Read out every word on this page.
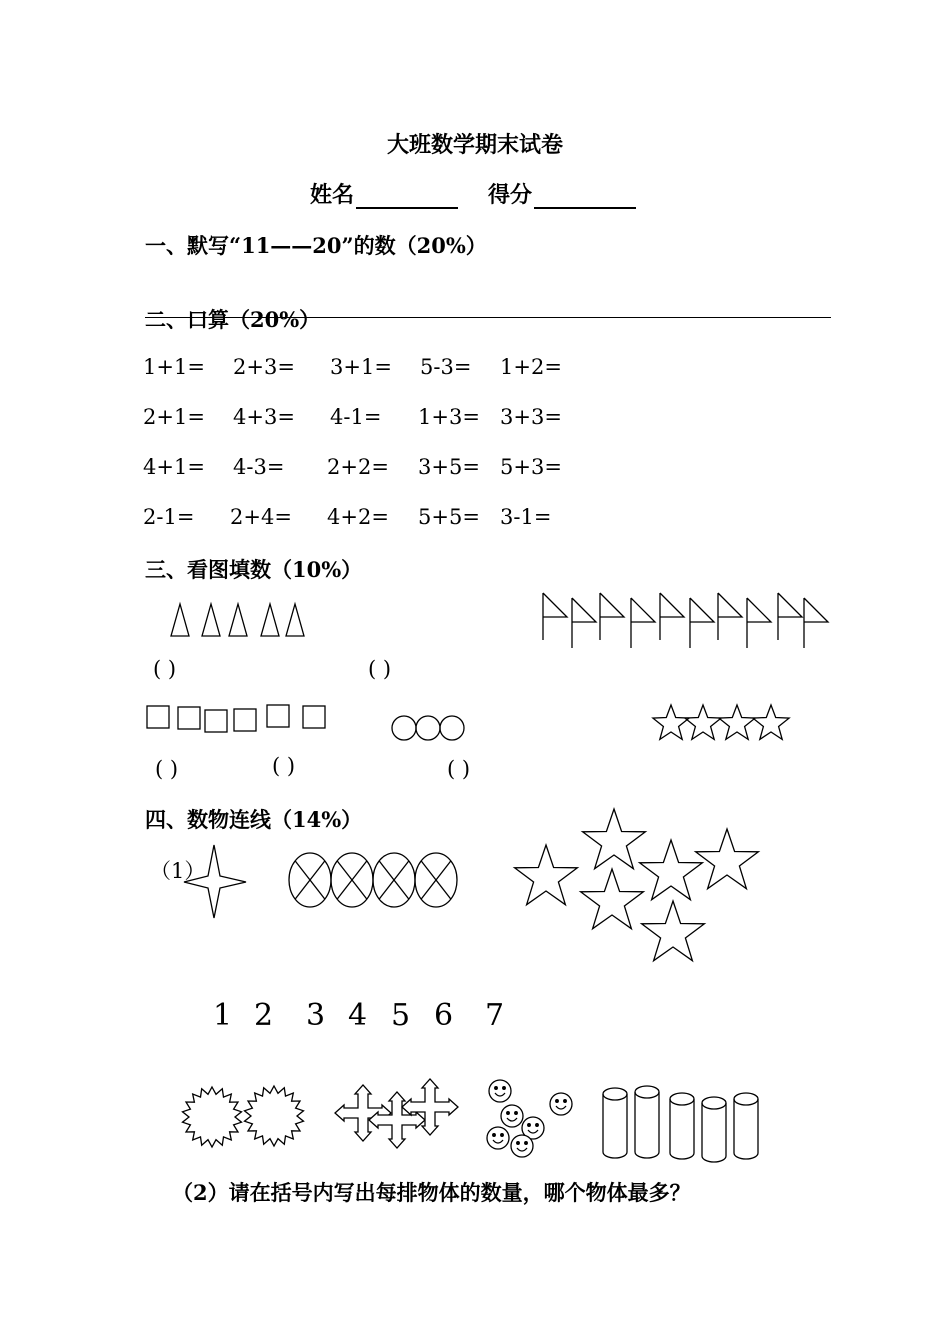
大班数学期末试卷
姓名	得分
一、默写“11——20”的数（20%）
二、口算（20%）
1+1= 2+3= 3+1= 5-3= 1+2=
2+1= 4+3= 4-1= 1+3= 3+3=
4+1= 4-3= 2+2= 3+5= 5+3=
2-1= 2+4= 4+2= 5+5= 3-1=
三、看图填数（10%）
( )	( )
( )	( )	( )
四、数物连线（14%）
（1）
1 2 3 4 5 6 7
（2）请在括号内写出每排物体的数量，哪个物体最多？
